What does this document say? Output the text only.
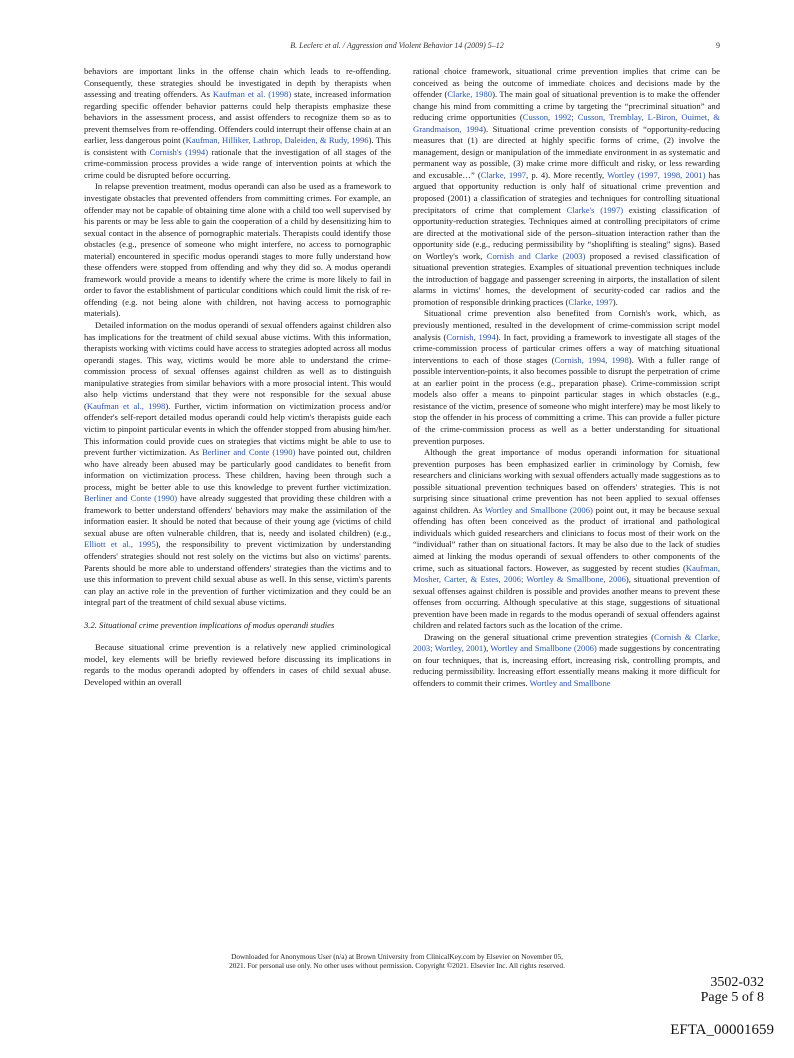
B. Leclerc et al. / Aggression and Violent Behavior 14 (2009) 5–12	9

behaviors are important links in the offense chain which leads to re-offending. Consequently, these strategies should be investigated in depth by therapists when assessing and treating offenders. As Kaufman et al. (1998) state, increased information regarding specific offender behavior patterns could help therapists emphasize these behaviors in the assessment process, and assist offenders to recognize them so as to prevent themselves from re-offending. Offenders could interrupt their offense chain at an earlier, less dangerous point (Kaufman, Hilliker, Lathrop, Daleiden, & Rudy, 1996). This is consistent with Cornish's (1994) rationale that the investigation of all stages of the crime-commission process provides a wide range of intervention points at which the crime could be disrupted before occurring.

In relapse prevention treatment, modus operandi can also be used as a framework to investigate obstacles that prevented offenders from committing crimes. For example, an offender may not be capable of obtaining time alone with a child too well supervised by his parents or may be less able to gain the cooperation of a child by desensitizing him to sexual contact in the absence of pornographic materials. Therapists could identify those obstacles (e.g., presence of someone who might interfere, no access to pornographic material) encountered in specific modus operandi stages to more fully understand how these offenders were stopped from offending and why they did so. A modus operandi framework would provide a means to identify where the crime is more likely to fail in order to favor the establishment of particular conditions which could limit the risk of re-offending (e.g. not being alone with children, not having access to pornographic materials).

Detailed information on the modus operandi of sexual offenders against children also has implications for the treatment of child sexual abuse victims. With this information, therapists working with victims could have access to strategies adopted across all modus operandi stages. This way, victims would be more able to understand the crime-commission process of sexual offenses against children as well as to distinguish manipulative strategies from similar behaviors with a more prosocial intent. This would also help victims understand that they were not responsible for the sexual abuse (Kaufman et al., 1998). Further, victim information on victimization process and/or offender's self-report detailed modus operandi could help victim's therapists guide each victim to pinpoint particular events in which the offender stopped from abusing him/her. This information could provide cues on strategies that victims might be able to use to prevent further victimization. As Berliner and Conte (1990) have pointed out, children who have already been abused may be particularly good candidates to benefit from information on victimization process. These children, having been through such a process, might be better able to use this knowledge to prevent further victimization. Berliner and Conte (1990) have already suggested that providing these children with a framework to better understand offenders' behaviors may make the assimilation of the information easier. It should be noted that because of their young age (victims of child sexual abuse are often vulnerable children, that is, needy and isolated children) (e.g., Elliott et al., 1995), the responsibility to prevent victimization by understanding offenders' strategies should not rest solely on the victims but also on victims' parents. Parents should be more able to understand offenders' strategies than the victims and to use this information to prevent child sexual abuse as well. In this sense, victim's parents can play an active role in the prevention of further victimization and they could be an integral part of the treatment of child sexual abuse victims.

3.2. Situational crime prevention implications of modus operandi studies

Because situational crime prevention is a relatively new applied criminological model, key elements will be briefly reviewed before discussing its implications in regards to the modus operandi adopted by offenders in cases of child sexual abuse. Developed within an overall

rational choice framework, situational crime prevention implies that crime can be conceived as being the outcome of immediate choices and decisions made by the offender (Clarke, 1980). The main goal of situational prevention is to make the offender change his mind from committing a crime by targeting the “precriminal situation” and reducing crime opportunities (Cusson, 1992; Cusson, Tremblay, L-Biron, Ouimet, & Grandmaison, 1994). Situational crime prevention consists of “opportunity-reducing measures that (1) are directed at highly specific forms of crime, (2) involve the management, design or manipulation of the immediate environment in as systematic and permanent way as possible, (3) make crime more difficult and risky, or less rewarding and excusable…” (Clarke, 1997, p. 4). More recently, Wortley (1997, 1998, 2001) has argued that opportunity reduction is only half of situational crime prevention and proposed (2001) a classification of strategies and techniques for controlling situational precipitators of crime that complement Clarke's (1997) existing classification of opportunity-reduction strategies. Techniques aimed at controlling precipitators of crime are directed at the motivational side of the person–situation interaction rather than the opportunity side (e.g., reducing permissibility by “shoplifting is stealing” signs). Based on Wortley's work, Cornish and Clarke (2003) proposed a revised classification of situational prevention strategies. Examples of situational prevention techniques include the introduction of baggage and passenger screening in airports, the installation of silent alarms in victims' homes, the development of security-coded car radios and the promotion of responsible drinking practices (Clarke, 1997).

Situational crime prevention also benefited from Cornish's work, which, as previously mentioned, resulted in the development of crime-commission script model analysis (Cornish, 1994). In fact, providing a framework to investigate all stages of the crime-commission process of particular crimes offers a way of matching situational interventions to each of those stages (Cornish, 1994, 1998). With a fuller range of possible intervention-points, it also becomes possible to disrupt the perpetration of crime at an earlier point in the process (e.g., preparation phase). Crime-commission script models also offer a means to pinpoint particular stages in which obstacles (e.g., resistance of the victim, presence of someone who might interfere) may be most likely to stop the offender in his process of committing a crime. This can provide a fuller picture of the crime-commission process as well as a better understanding for situational prevention purposes.

Although the great importance of modus operandi information for situational prevention purposes has been emphasized earlier in criminology by Cornish, few researchers and clinicians working with sexual offenders actually made suggestions as to possible situational prevention techniques based on offenders' strategies. This is not surprising since situational crime prevention has not been applied to sexual offenses against children. As Wortley and Smallbone (2006) point out, it may be because sexual offending has often been conceived as the product of irrational and pathological individuals which guided researchers and clinicians to focus most of their work on the “individual” rather than on situational factors. It may be also due to the lack of studies aimed at linking the modus operandi of sexual offenders to other components of the crime, such as situational factors. However, as suggested by recent studies (Kaufman, Mosher, Carter, & Estes, 2006; Wortley & Smallbone, 2006), situational prevention of sexual offenses against children is possible and provides another means to prevent these offenses from occurring. Although speculative at this stage, suggestions of situational prevention have been made in regards to the modus operandi of sexual offenders against children and related factors such as the location of the crime.

Drawing on the general situational crime prevention strategies (Cornish & Clarke, 2003; Wortley, 2001), Wortley and Smallbone (2006) made suggestions by concentrating on four techniques, that is, increasing effort, increasing risk, controlling prompts, and reducing permissibility. Increasing effort essentially means making it more difficult for offenders to commit their crimes. Wortley and Smallbone

Downloaded for Anonymous User (n/a) at Brown University from ClinicalKey.com by Elsevier on November 05,
2021. For personal use only. No other uses without permission. Copyright ©2021. Elsevier Inc. All rights reserved.
3502-032
Page 5 of 8
EFTA_00001659
